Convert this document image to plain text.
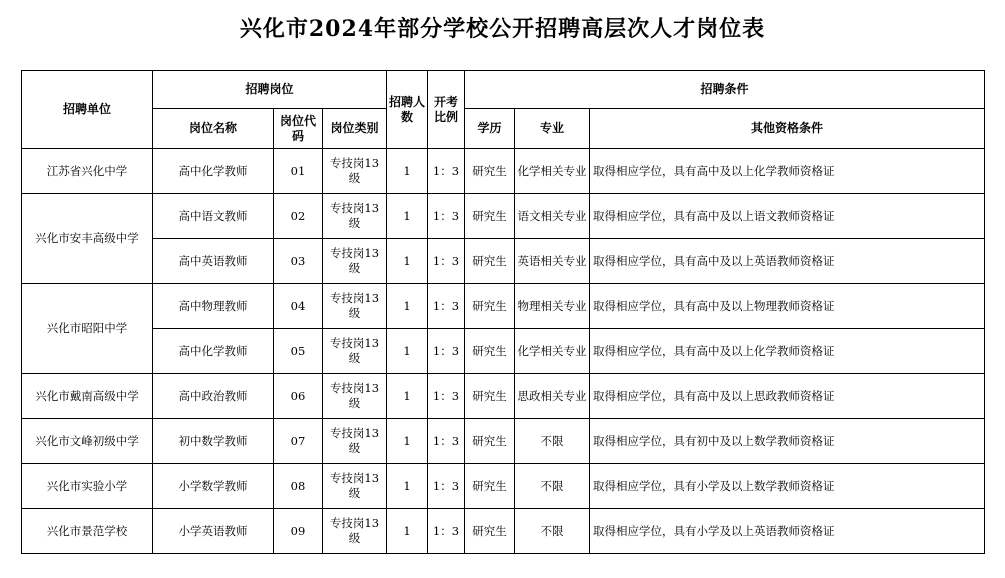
兴化市2024年部分学校公开招聘高层次人才岗位表
招聘单位	招聘岗位			招聘人数	开考比例	招聘条件		
	岗位名称	岗位代码	岗位类别			学历	专业	其他资格条件
江苏省兴化中学	高中化学教师	01	专技岗13级	1	1：3	研究生	化学相关专业	取得相应学位，具有高中及以上化学教师资格证
兴化市安丰高级中学	高中语文教师	02	专技岗13级	1	1：3	研究生	语文相关专业	取得相应学位，具有高中及以上语文教师资格证
	高中英语教师	03	专技岗13级	1	1：3	研究生	英语相关专业	取得相应学位，具有高中及以上英语教师资格证
兴化市昭阳中学	高中物理教师	04	专技岗13级	1	1：3	研究生	物理相关专业	取得相应学位，具有高中及以上物理教师资格证
	高中化学教师	05	专技岗13级	1	1：3	研究生	化学相关专业	取得相应学位，具有高中及以上化学教师资格证
兴化市戴南高级中学	高中政治教师	06	专技岗13级	1	1：3	研究生	思政相关专业	取得相应学位，具有高中及以上思政教师资格证
兴化市文峰初级中学	初中数学教师	07	专技岗13级	1	1：3	研究生	不限	取得相应学位，具有初中及以上数学教师资格证
兴化市实验小学	小学数学教师	08	专技岗13级	1	1：3	研究生	不限	取得相应学位，具有小学及以上数学教师资格证
兴化市景范学校	小学英语教师	09	专技岗13级	1	1：3	研究生	不限	取得相应学位，具有小学及以上英语教师资格证
